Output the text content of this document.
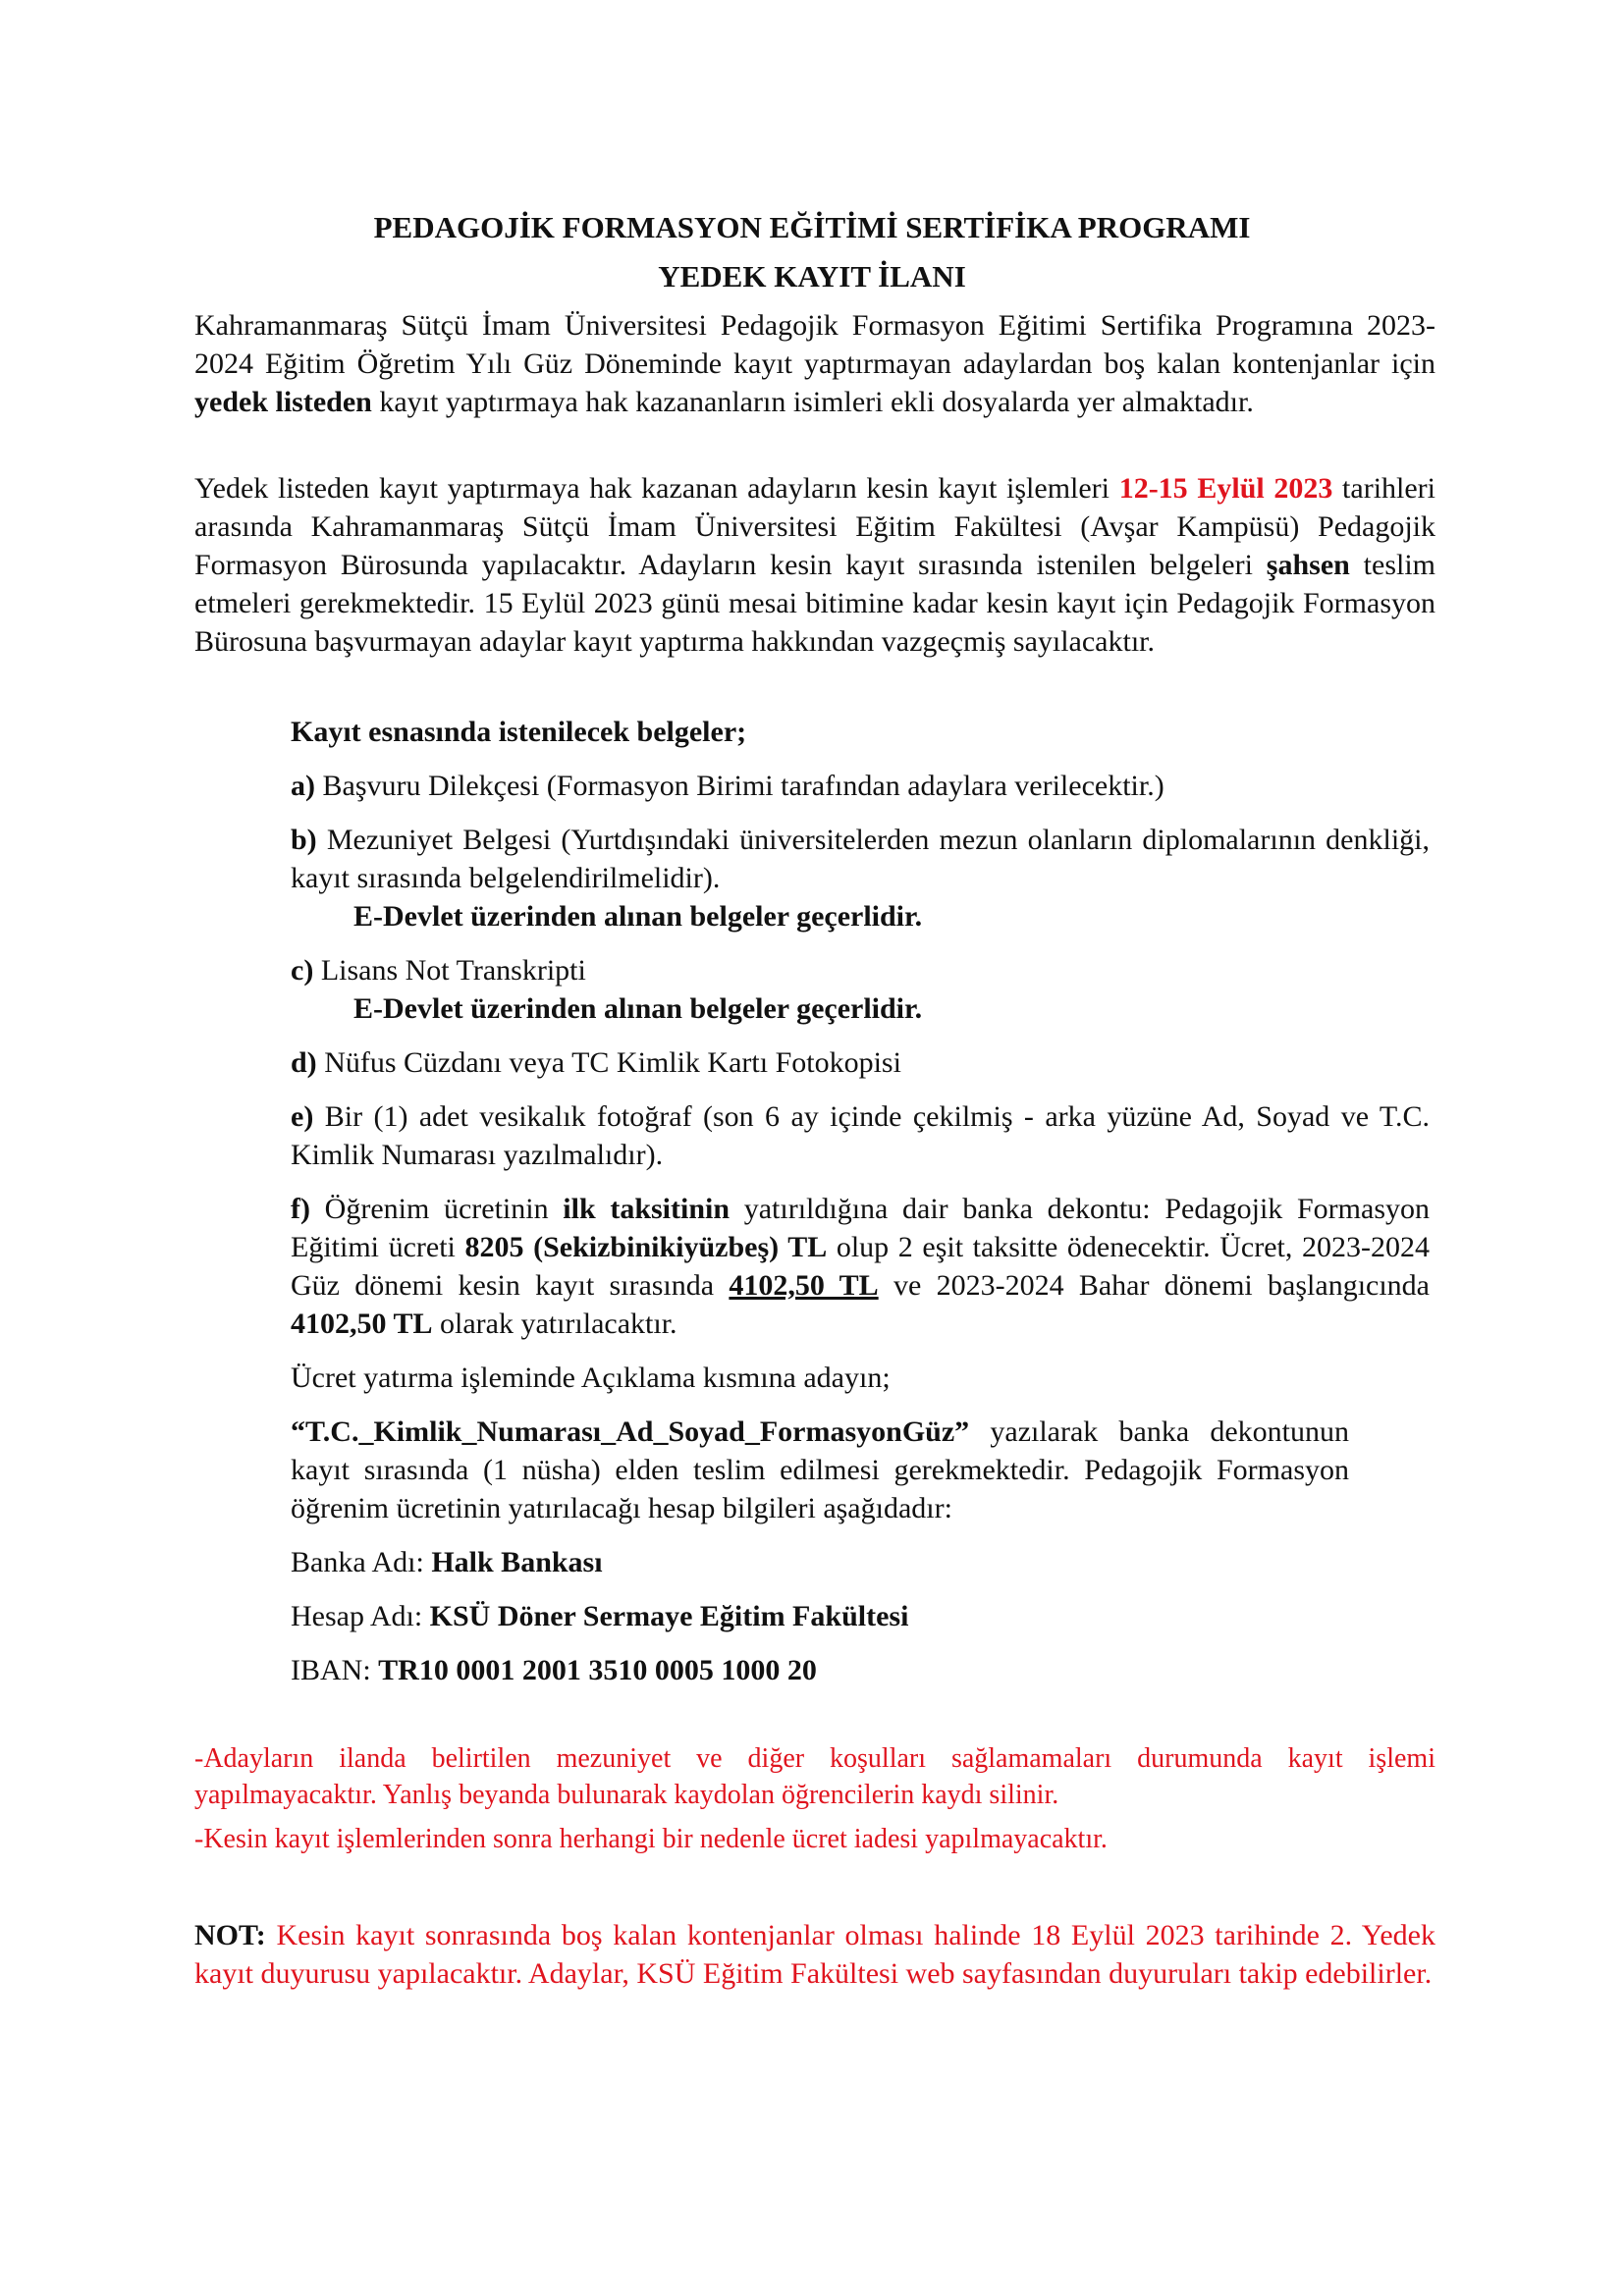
PEDAGOJİK FORMASYON EĞİTİMİ SERTİFİKA PROGRAMI

YEDEK KAYIT İLANI

Kahramanmaraş Sütçü İmam Üniversitesi Pedagojik Formasyon Eğitimi Sertifika Programına 2023-2024 Eğitim Öğretim Yılı Güz Döneminde kayıt yaptırmayan adaylardan boş kalan kontenjanlar için yedek listeden kayıt yaptırmaya hak kazananların isimleri ekli dosyalarda yer almaktadır.

Yedek listeden kayıt yaptırmaya hak kazanan adayların kesin kayıt işlemleri 12-15 Eylül 2023 tarihleri arasında Kahramanmaraş Sütçü İmam Üniversitesi Eğitim Fakültesi (Avşar Kampüsü) Pedagojik Formasyon Bürosunda yapılacaktır. Adayların kesin kayıt sırasında istenilen belgeleri şahsen teslim etmeleri gerekmektedir. 15 Eylül 2023 günü mesai bitimine kadar kesin kayıt için Pedagojik Formasyon Bürosuna başvurmayan adaylar kayıt yaptırma hakkından vazgeçmiş sayılacaktır.

Kayıt esnasında istenilecek belgeler;

a) Başvuru Dilekçesi (Formasyon Birimi tarafından adaylara verilecektir.)

b) Mezuniyet Belgesi (Yurtdışındaki üniversitelerden mezun olanların diplomalarının denkliği, kayıt sırasında belgelendirilmelidir).

E-Devlet üzerinden alınan belgeler geçerlidir.

c) Lisans Not Transkripti

E-Devlet üzerinden alınan belgeler geçerlidir.

d) Nüfus Cüzdanı veya TC Kimlik Kartı Fotokopisi

e) Bir (1) adet vesikalık fotoğraf (son 6 ay içinde çekilmiş - arka yüzüne Ad, Soyad ve T.C. Kimlik Numarası yazılmalıdır).

f) Öğrenim ücretinin ilk taksitinin yatırıldığına dair banka dekontu: Pedagojik Formasyon Eğitimi ücreti 8205 (Sekizbinikiyüzbeş) TL olup 2 eşit taksitte ödenecektir. Ücret, 2023-2024 Güz dönemi kesin kayıt sırasında 4102,50 TL ve 2023-2024 Bahar dönemi başlangıcında 4102,50 TL olarak yatırılacaktır.

Ücret yatırma işleminde Açıklama kısmına adayın;

“T.C._Kimlik_Numarası_Ad_Soyad_FormasyonGüz” yazılarak banka dekontunun kayıt sırasında (1 nüsha) elden teslim edilmesi gerekmektedir. Pedagojik Formasyon öğrenim ücretinin yatırılacağı hesap bilgileri aşağıdadır:

Banka Adı: Halk Bankası

Hesap Adı: KSÜ Döner Sermaye Eğitim Fakültesi

IBAN: TR10 0001 2001 3510 0005 1000 20

-Adayların ilanda belirtilen mezuniyet ve diğer koşulları sağlamamaları durumunda kayıt işlemi yapılmayacaktır. Yanlış beyanda bulunarak kaydolan öğrencilerin kaydı silinir.

-Kesin kayıt işlemlerinden sonra herhangi bir nedenle ücret iadesi yapılmayacaktır.

NOT: Kesin kayıt sonrasında boş kalan kontenjanlar olması halinde 18 Eylül 2023 tarihinde 2. Yedek kayıt duyurusu yapılacaktır. Adaylar, KSÜ Eğitim Fakültesi web sayfasından duyuruları takip edebilirler.
